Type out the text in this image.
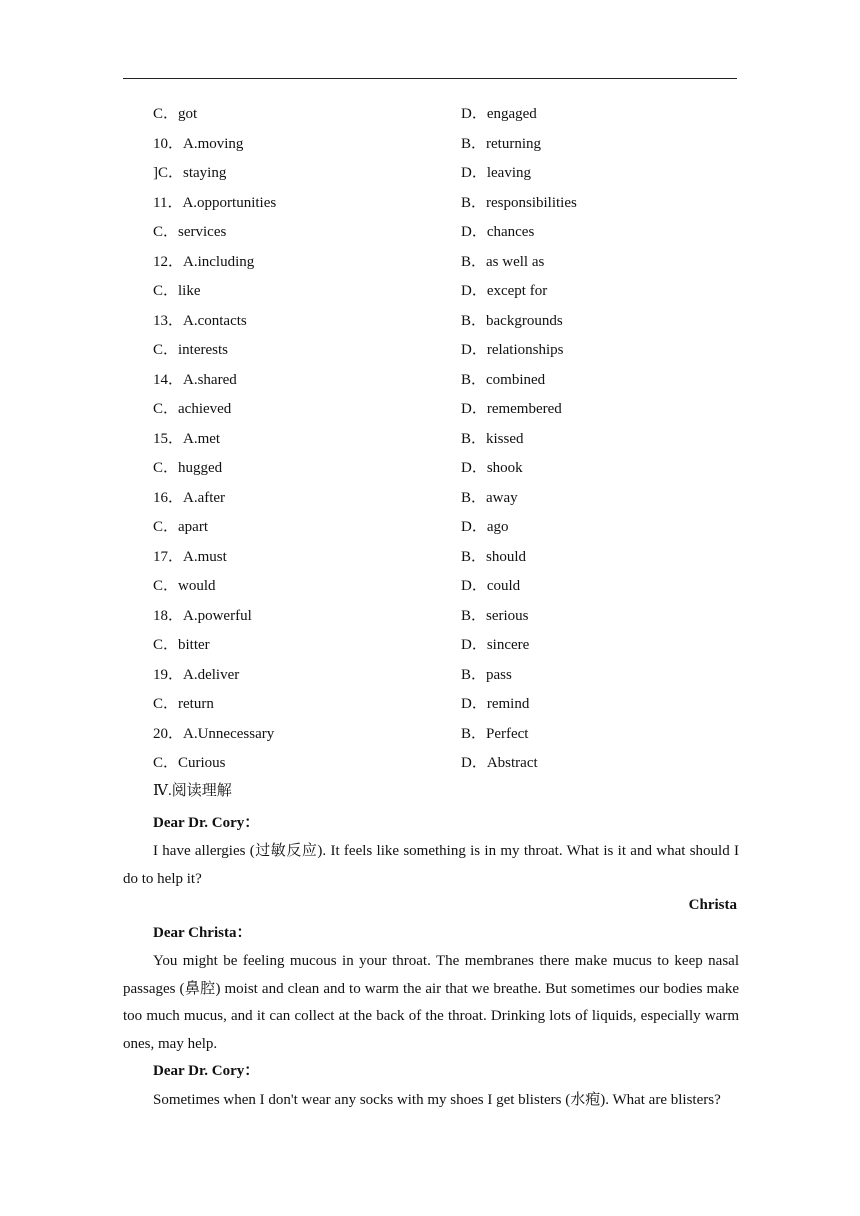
C．got	D．engaged
10．A.moving	B．returning
]C．staying	D．leaving
11．A.opportunities	B．responsibilities
C．services	D．chances
12．A.including	B．as well as
C．like	D．except for
13．A.contacts	B．backgrounds
C．interests	D．relationships
14．A.shared	B．combined
C．achieved	D．remembered
15．A.met	B．kissed
C．hugged	D．shook
16．A.after	B．away
C．apart	D．ago
17．A.must	B．should
C．would	D．could
18．A.powerful	B．serious
C．bitter	D．sincere
19．A.deliver	B．pass
C．return	D．remind
20．A.Unnecessary	B．Perfect
C．Curious	D．Abstract
Ⅳ.阅读理解
Dear Dr. Cory：
I have allergies (过敏反应). It feels like something is in my throat. What is it and what should I do to help it?
Christa
Dear Christa：
You might be feeling mucous in your throat. The membranes there make mucus to keep nasal passages (鼻腔) moist and clean and to warm the air that we breathe. But sometimes our bodies make too much mucus, and it can collect at the back of the throat. Drinking lots of liquids, especially warm ones, may help.
Dear Dr. Cory：
Sometimes when I don't wear any socks with my shoes I get blisters (水疱). What are blisters?
